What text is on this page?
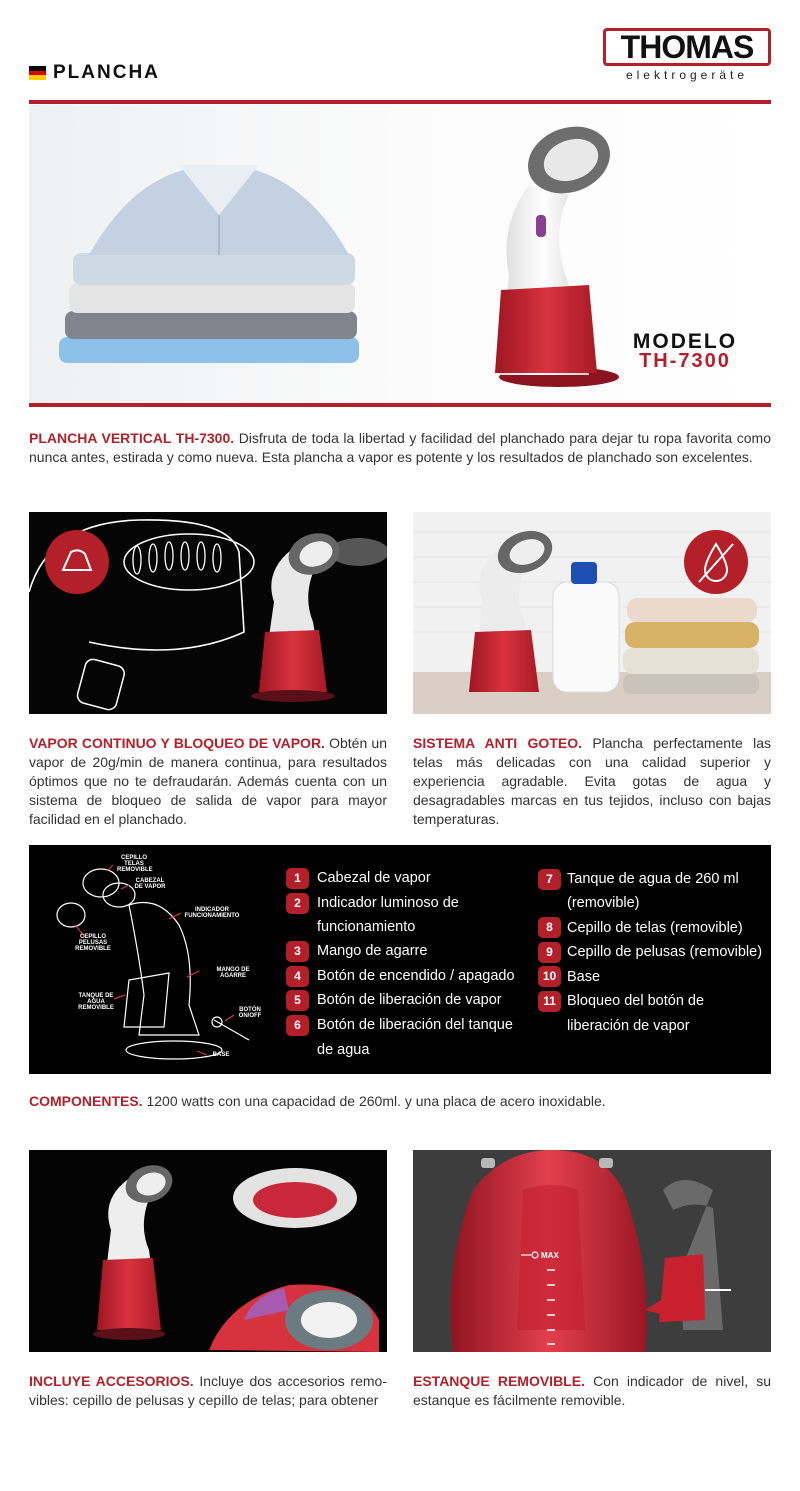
PLANCHA
THOMAS
elektrogeräte
MODELO
TH-7300
PLANCHA VERTICAL TH-7300. Disfruta de toda la libertad y facilidad del planchado para dejar tu ropa favorita como nunca antes, estirada y como nueva. Esta plancha a vapor es potente y los resultados de planchado son excelentes.
VAPOR CONTINUO Y BLOQUEO DE VAPOR. Obtén un vapor de 20g/min de manera continua, para resultados óptimos que no te defraudarán. Además cuenta con un sistema de bloqueo de salida de vapor para mayor facilidad en el planchado.
SISTEMA ANTI GOTEO. Plancha perfectamente las telas más delicadas con una calidad superior y experiencia agradable. Evita gotas de agua y desagradables marcas en tus tejidos, incluso con bajas temperaturas.
CEPILLO TELAS REMOVIBLE
CABEZAL DE VAPOR
INDICADOR FUNCIONAMIENTO
CEPILLO PELUSAS REMOVIBLE
MANGO DE AGARRE
TANQUE DE AGUA REMOVIBLE	BOTÓN ON/OFF
BASE
1	Cabezal de vapor
2	Indicador luminoso de
funcionamiento
3	Mango de agarre
4	Botón de encendido / apagado
5	Botón de liberación de vapor
6	Botón de liberación del tanque
de agua
7 Tanque de agua de 260 ml
(removible)
8 Cepillo de telas (removible)
9 Cepillo de pelusas (removible)
10 Base
11 Bloqueo del botón de
liberación de vapor
COMPONENTES. 1200 watts con una capacidad de 260ml. y una placa de acero inoxidable.
MAX
INCLUYE ACCESORIOS. Incluye dos accesorios remo-vibles: cepillo de pelusas y cepillo de telas; para obtener
ESTANQUE REMOVIBLE. Con indicador de nivel, su estanque es fácilmente removible.
